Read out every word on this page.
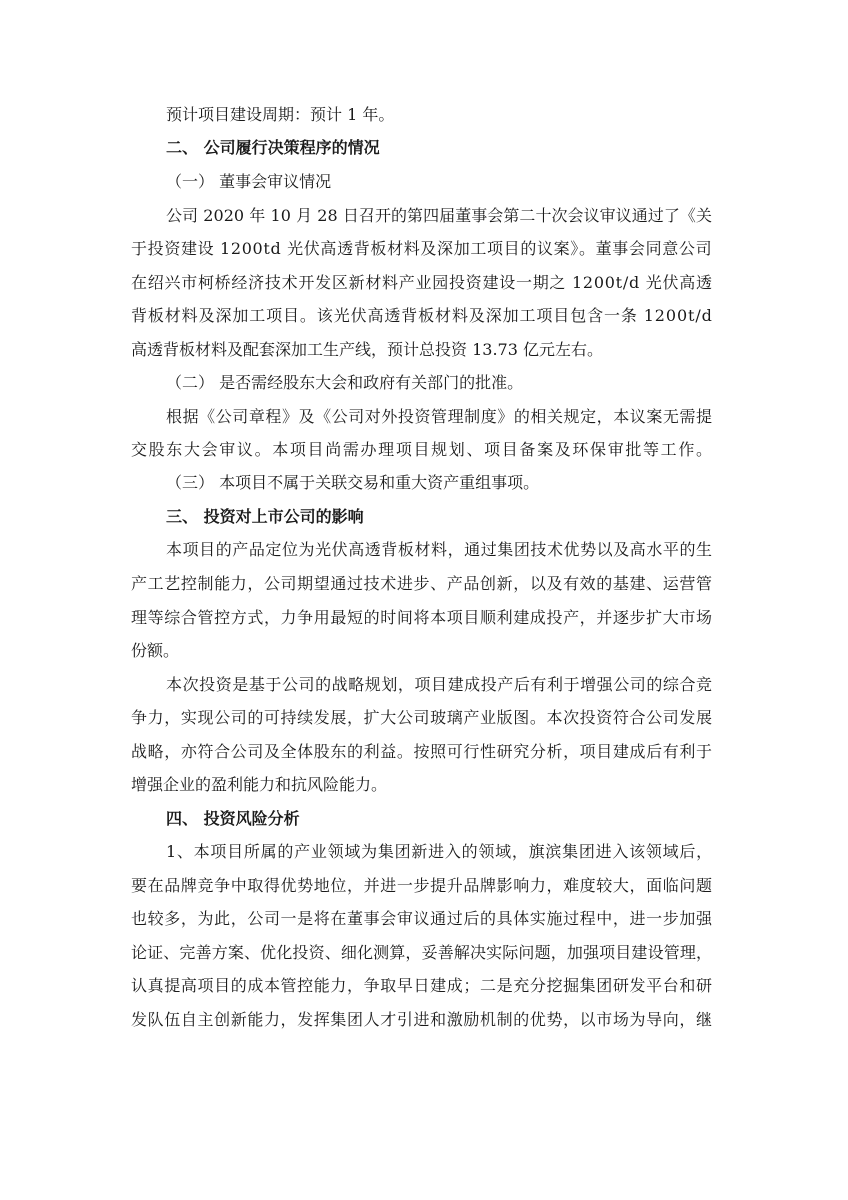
预计项目建设周期：预计 1 年。
二、 公司履行决策程序的情况
（一） 董事会审议情况
公司 2020 年 10 月 28 日召开的第四届董事会第二十次会议审议通过了《关
于投资建设 1200td 光伏高透背板材料及深加工项目的议案》。董事会同意公司
在绍兴市柯桥经济技术开发区新材料产业园投资建设一期之 1200t/d 光伏高透
背板材料及深加工项目。该光伏高透背板材料及深加工项目包含一条 1200t/d
高透背板材料及配套深加工生产线，预计总投资 13.73 亿元左右。
（二） 是否需经股东大会和政府有关部门的批准。
根据《公司章程》及《公司对外投资管理制度》的相关规定，本议案无需提
交股东大会审议。本项目尚需办理项目规划、项目备案及环保审批等工作。
（三） 本项目不属于关联交易和重大资产重组事项。
三、 投资对上市公司的影响
本项目的产品定位为光伏高透背板材料，通过集团技术优势以及高水平的生
产工艺控制能力，公司期望通过技术进步、产品创新，以及有效的基建、运营管
理等综合管控方式，力争用最短的时间将本项目顺利建成投产，并逐步扩大市场
份额。
本次投资是基于公司的战略规划，项目建成投产后有利于增强公司的综合竞
争力，实现公司的可持续发展，扩大公司玻璃产业版图。本次投资符合公司发展
战略，亦符合公司及全体股东的利益。按照可行性研究分析，项目建成后有利于
增强企业的盈利能力和抗风险能力。
四、 投资风险分析
1、本项目所属的产业领域为集团新进入的领域，旗滨集团进入该领域后，
要在品牌竞争中取得优势地位，并进一步提升品牌影响力，难度较大，面临问题
也较多，为此，公司一是将在董事会审议通过后的具体实施过程中，进一步加强
论证、完善方案、优化投资、细化测算，妥善解决实际问题，加强项目建设管理，
认真提高项目的成本管控能力，争取早日建成；二是充分挖掘集团研发平台和研
发队伍自主创新能力，发挥集团人才引进和激励机制的优势，以市场为导向，继
